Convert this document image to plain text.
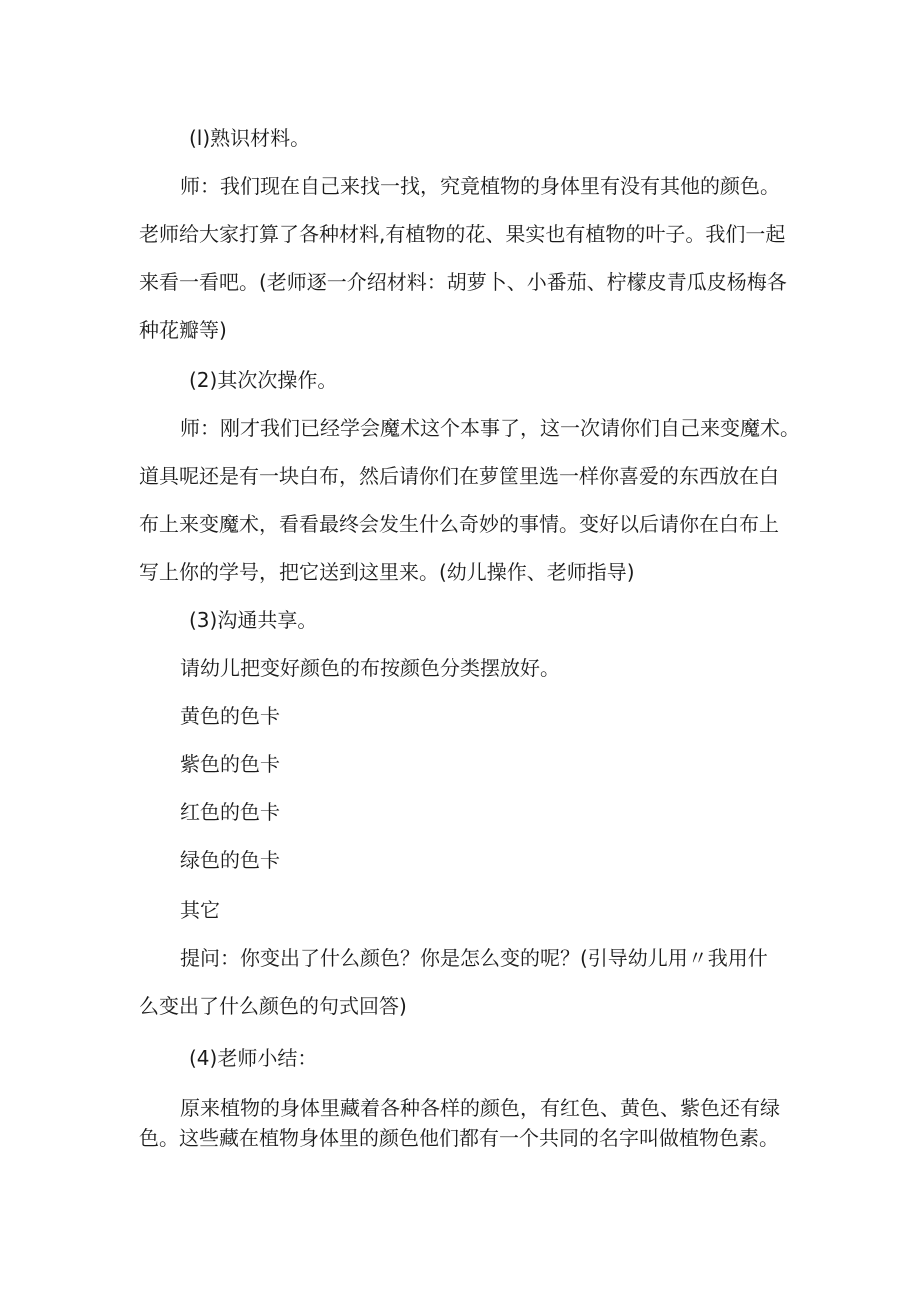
(l)熟识材料。
师：我们现在自己来找一找，究竟植物的身体里有没有其他的颜色。
老师给大家打算了各种材料,有植物的花、果实也有植物的叶子。我们一起
来看一看吧。(老师逐一介绍材料：胡萝卜、小番茄、柠檬皮青瓜皮杨梅各
种花瓣等)
(2)其次次操作。
师：刚才我们已经学会魔术这个本事了，这一次请你们自己来变魔术。
道具呢还是有一块白布，然后请你们在萝筐里选一样你喜爱的东西放在白
布上来变魔术，看看最终会发生什么奇妙的事情。变好以后请你在白布上
写上你的学号，把它送到这里来。(幼儿操作、老师指导)
(3)沟通共享。
请幼儿把变好颜色的布按颜色分类摆放好。
黄色的色卡
紫色的色卡
红色的色卡
绿色的色卡
其它
提问：你变出了什么颜色？你是怎么变的呢？(引导幼儿用〃我用什
么变出了什么颜色的句式回答)
(4)老师小结：
原来植物的身体里藏着各种各样的颜色，有红色、黄色、紫色还有绿
色。这些藏在植物身体里的颜色他们都有一个共同的名字叫做植物色素。
